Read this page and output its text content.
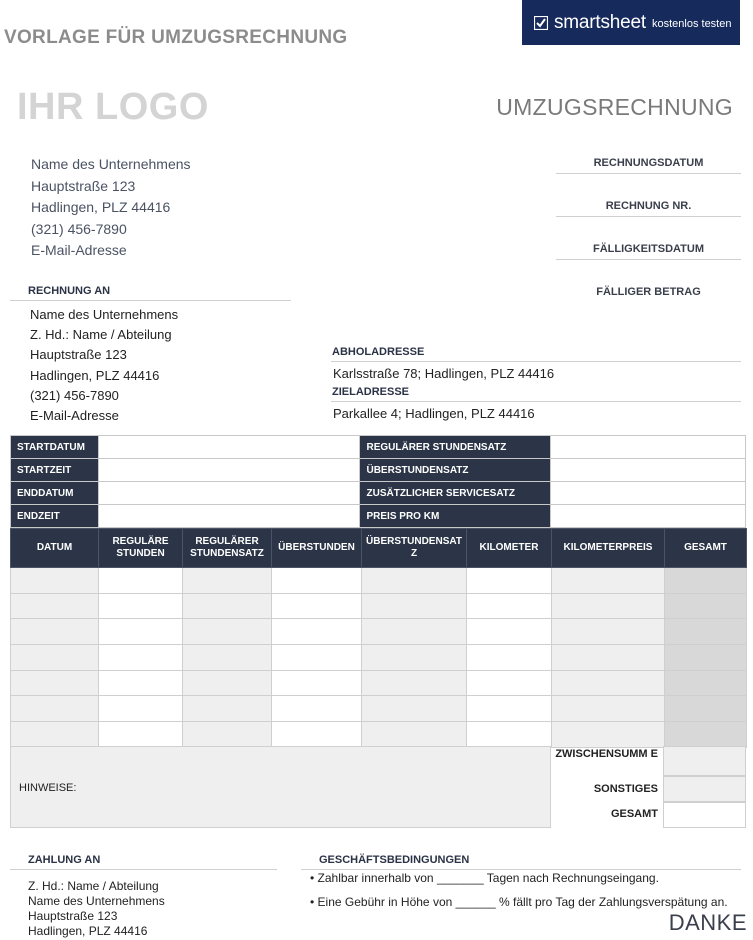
VORLAGE FÜR UMZUGSRECHNUNG
smartsheet kostenlos testen
IHR LOGO	UMZUGSRECHNUNG
Name des Unternehmens
Hauptstraße 123
Hadlingen, PLZ 44416
(321) 456-7890
E-Mail-Adresse
RECHNUNGSDATUM
RECHNUNG NR.
FÄLLIGKEITSDATUM
FÄLLIGER BETRAG
RECHNUNG AN
Name des Unternehmens
Z. Hd.: Name / Abteilung
Hauptstraße 123
Hadlingen, PLZ 44416
(321) 456-7890
E-Mail-Adresse
ABHOLADRESSE
Karlsstraße 78; Hadlingen, PLZ 44416
ZIELADRESSE
Parkallee 4; Hadlingen, PLZ 44416
STARTDATUM		REGULÄRER STUNDENSATZ	
STARTZEIT		ÜBERSTUNDENSATZ	
ENDDATUM		ZUSÄTZLICHER SERVICESATZ	
ENDZEIT		PREIS PRO KM	
DATUM	REGULÄRE STUNDEN	REGULÄRER STUNDENSATZ	ÜBERSTUNDEN	ÜBERSTUNDENSAT Z	KILOMETER	KILOMETERPREIS	GESAMT

HINWEISE:
ZWISCHENSUMM E
SONSTIGES
GESAMT
ZAHLUNG AN
Z. Hd.: Name / Abteilung
Name des Unternehmens
Hauptstraße 123
Hadlingen, PLZ 44416
GESCHÄFTSBEDINGUNGEN
• Zahlbar innerhalb von _______ Tagen nach Rechnungseingang.
• Eine Gebühr in Höhe von ______ % fällt pro Tag der Zahlungsverspätung an.
DANKE
